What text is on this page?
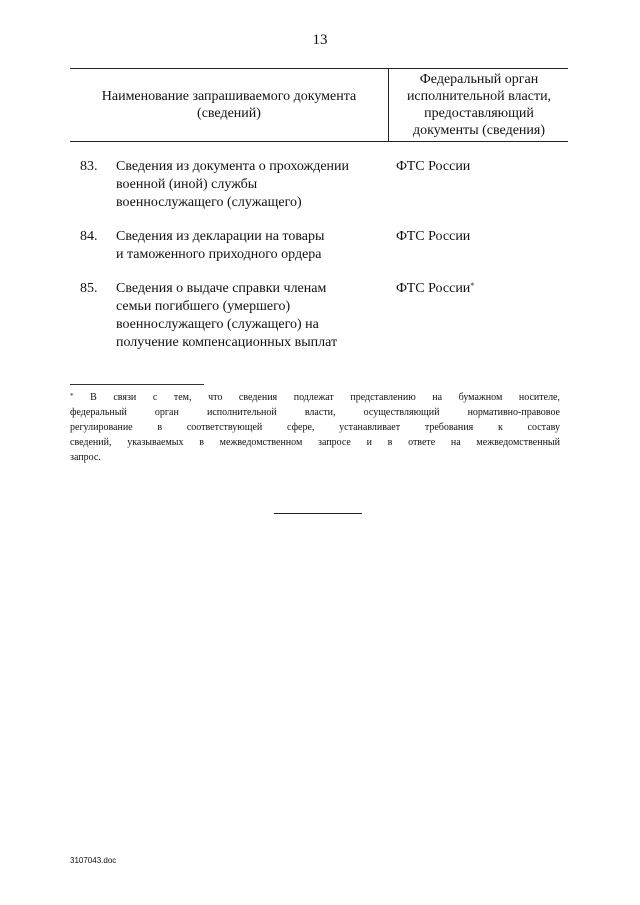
13
Наименование запрашиваемого документа
(сведений)
Федеральный орган
исполнительной власти,
предоставляющий
документы (сведения)
83. Сведения из документа о прохождении
военной (иной) службы
военнослужащего (служащего)
ФТС России
84. Сведения из декларации на товары
и таможенного приходного ордера
ФТС России
85. Сведения о выдаче справки членам
семьи погибшего (умершего)
военнослужащего (служащего) на
получение компенсационных выплат
ФТС России*
* В связи с тем, что сведения подлежат представлению на бумажном носителе,
федеральный орган исполнительной власти, осуществляющий нормативно-правовое
регулирование в соответствующей сфере, устанавливает требования к составу
сведений, указываемых в межведомственном запросе и в ответе на межведомственный
запрос.
3107043.doc
